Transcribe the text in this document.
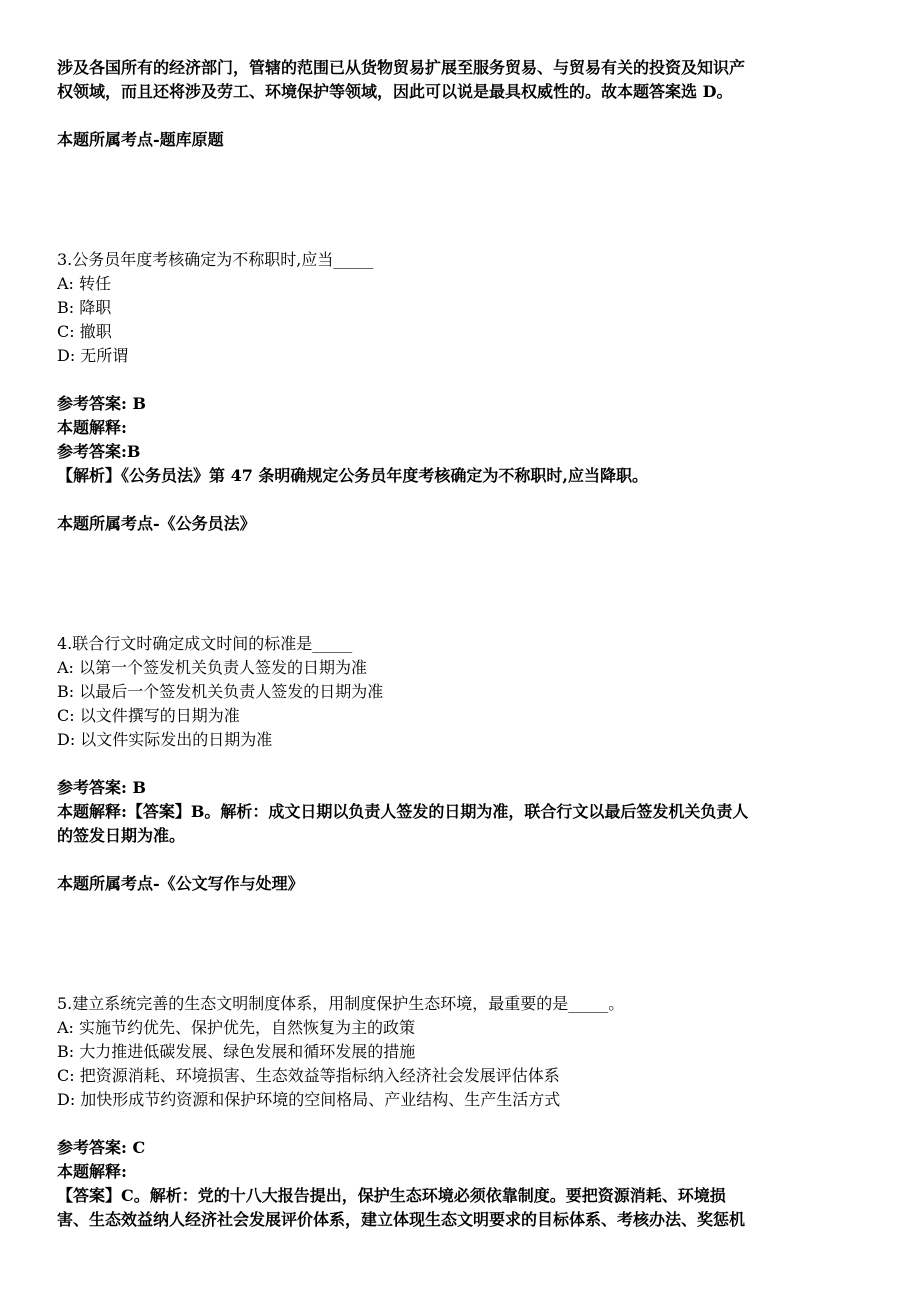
涉及各国所有的经济部门，管辖的范围已从货物贸易扩展至服务贸易、与贸易有关的投资及知识产
权领域，而且还将涉及劳工、环境保护等领域，因此可以说是最具权威性的。故本题答案选 D。
本题所属考点-题库原题
3.公务员年度考核确定为不称职时,应当_____
A: 转任
B: 降职
C: 撤职
D: 无所谓
参考答案: B
本题解释:
参考答案:B
【解析】《公务员法》第 47 条明确规定公务员年度考核确定为不称职时,应当降职。
本题所属考点-《公务员法》
4.联合行文时确定成文时间的标准是_____
A: 以第一个签发机关负责人签发的日期为准
B: 以最后一个签发机关负责人签发的日期为准
C: 以文件撰写的日期为准
D: 以文件实际发出的日期为准
参考答案: B
本题解释:【答案】B。解析：成文日期以负责人签发的日期为准，联合行文以最后签发机关负责人
的签发日期为准。
本题所属考点-《公文写作与处理》
5.建立系统完善的生态文明制度体系，用制度保护生态环境，最重要的是_____。
A: 实施节约优先、保护优先，自然恢复为主的政策
B: 大力推进低碳发展、绿色发展和循环发展的措施
C: 把资源消耗、环境损害、生态效益等指标纳入经济社会发展评估体系
D: 加快形成节约资源和保护环境的空间格局、产业结构、生产生活方式
参考答案: C
本题解释:
【答案】C。解析：党的十八大报告提出，保护生态环境必须依靠制度。要把资源消耗、环境损
害、生态效益纳人经济社会发展评价体系，建立体现生态文明要求的目标体系、考核办法、奖惩机
